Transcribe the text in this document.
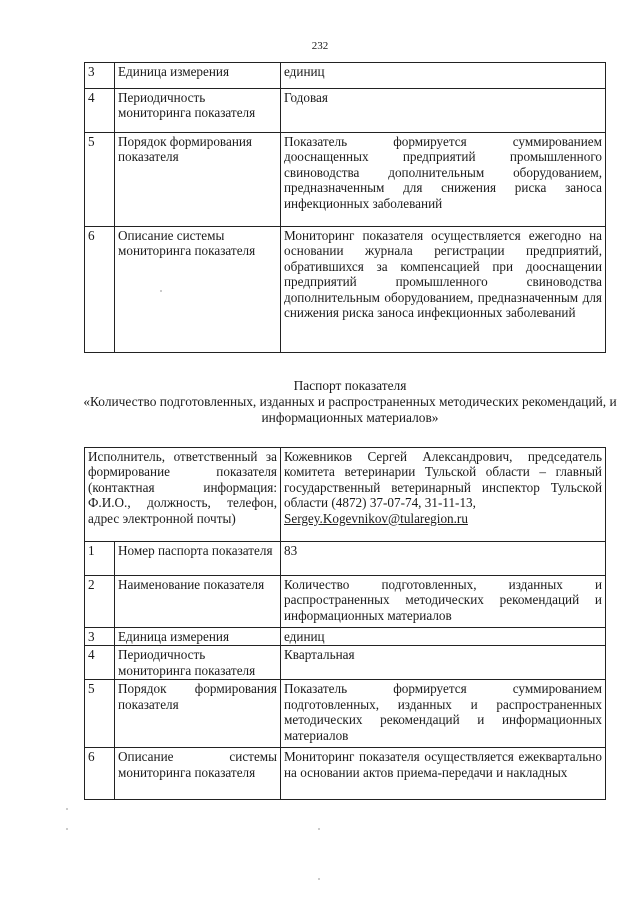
232
3	Единица измерения	единиц
4	Периодичность мониторинга показателя	Годовая
5	Порядок формирования показателя	Показатель формируется суммированием дооснащенных предприятий промышленного свиноводства дополнительным оборудованием, предназначенным для снижения риска заноса инфекционных заболеваний
6	Описание системы мониторинга показателя	Мониторинг показателя осуществляется ежегодно на основании журнала регистрации предприятий, обратившихся за компенсацией при дооснащении предприятий промышленного свиноводства дополнительным оборудованием, предназначенным для снижения риска заноса инфекционных заболеваний
Паспорт показателя
«Количество подготовленных, изданных и распространенных методических рекомендаций, и информационных материалов»
Исполнитель, ответственный за формирование показателя (контактная информация: Ф.И.О., должность, телефон, адрес электронной почты)		Кожевников Сергей Александрович, председатель комитета ветеринарии Тульской области – главный государственный ветеринарный инспектор Тульской области (4872) 37-07-74, 31-11-13,
Sergey.Kogevnikov@tularegion.ru
1	Номер паспорта показателя	83
2	Наименование показателя	Количество подготовленных, изданных и распространенных методических рекомендаций и информационных материалов
3	Единица измерения	единиц
4	Периодичность мониторинга показателя	Квартальная
5	Порядок формирования показателя	Показатель формируется суммированием подготовленных, изданных и распространенных методических рекомендаций и информационных материалов
6	Описание системы мониторинга показателя	Мониторинг показателя осуществляется ежеквартально на основании актов приема-передачи и накладных
